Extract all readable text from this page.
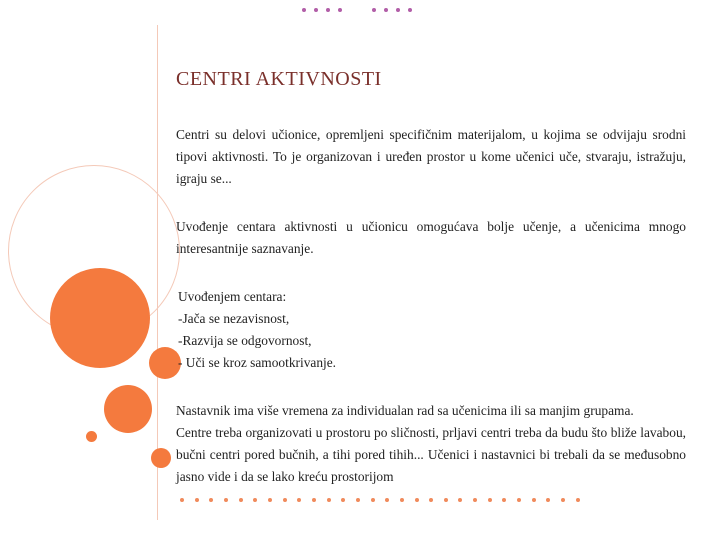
CENTRI AKTIVNOSTI

Centri su delovi učionice, opremljeni specifičnim materijalom, u kojima se odvijaju srodni tipovi aktivnosti. To je organizovan i uređen prostor u kome učenici uče, stvaraju, istražuju, igraju se...

Uvođenje centara aktivnosti u učionicu omogućava bolje učenje, a učenicima mnogo interesantnije saznavanje.

Uvođenjem centara:
-Jača se nezavisnost,
-Razvija se odgovornost,
- Uči se kroz samootkrivanje.
Nastavnik ima više vremena za individualan rad sa učenicima ili sa manjim grupama.
Centre treba organizovati u prostoru po sličnosti, prljavi centri treba da budu što bliže lavabou, bučni centri pored bučnih, a tihi pored tihih... Učenici i nastavnici bi trebali da se međusobno jasno vide i da se lako kreću prostorijom
